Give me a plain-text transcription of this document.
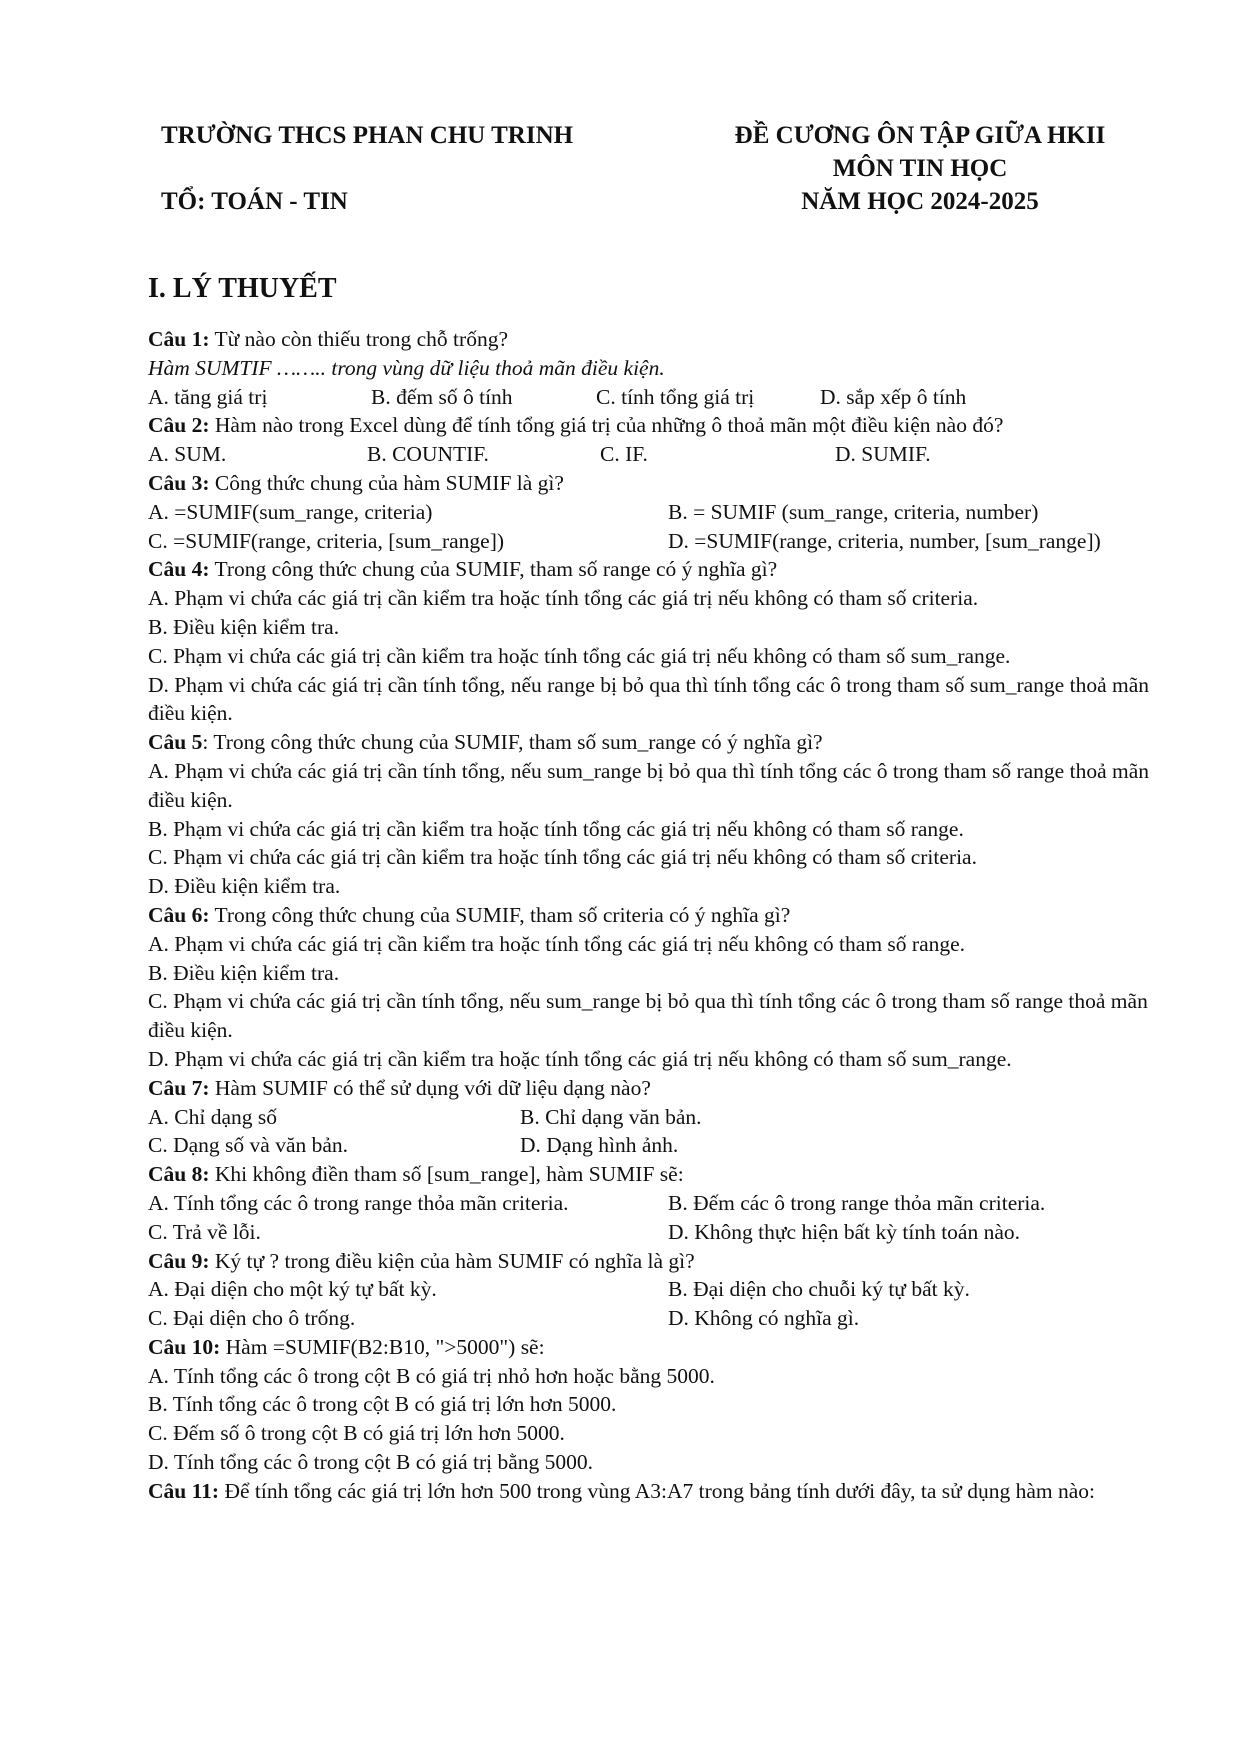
TRƯỜNG THCS PHAN CHU TRINH
TỔ: TOÁN - TIN
ĐỀ CƯƠNG ÔN TẬP GIỮA HKII
MÔN TIN HỌC
NĂM HỌC 2024-2025
I. LÝ THUYẾT
Câu 1: Từ nào còn thiếu trong chỗ trống?
Hàm SUMTIF …….. trong vùng dữ liệu thoả mãn điều kiện.
A. tăng giá trị	B. đếm số ô tính	C. tính tổng giá trị	D. sắp xếp ô tính
Câu 2: Hàm nào trong Excel dùng để tính tổng giá trị của những ô thoả mãn một điều kiện nào đó?
A. SUM.	B. COUNTIF.	C. IF.	D. SUMIF.
Câu 3: Công thức chung của hàm SUMIF là gì?
A. =SUMIF(sum_range, criteria)	B. = SUMIF (sum_range, criteria, number)
C. =SUMIF(range, criteria, [sum_range])	D. =SUMIF(range, criteria, number, [sum_range])
Câu 4: Trong công thức chung của SUMIF, tham số range có ý nghĩa gì?
A. Phạm vi chứa các giá trị cần kiểm tra hoặc tính tổng các giá trị nếu không có tham số criteria.
B. Điều kiện kiểm tra.
C. Phạm vi chứa các giá trị cần kiểm tra hoặc tính tổng các giá trị nếu không có tham số sum_range.
D. Phạm vi chứa các giá trị cần tính tổng, nếu range bị bỏ qua thì tính tổng các ô trong tham số sum_range thoả mãn điều kiện.
Câu 5: Trong công thức chung của SUMIF, tham số sum_range có ý nghĩa gì?
A. Phạm vi chứa các giá trị cần tính tổng, nếu sum_range bị bỏ qua thì tính tổng các ô trong tham số range thoả mãn điều kiện.
B. Phạm vi chứa các giá trị cần kiểm tra hoặc tính tổng các giá trị nếu không có tham số range.
C. Phạm vi chứa các giá trị cần kiểm tra hoặc tính tổng các giá trị nếu không có tham số criteria.
D. Điều kiện kiểm tra.
Câu 6: Trong công thức chung của SUMIF, tham số criteria có ý nghĩa gì?
A. Phạm vi chứa các giá trị cần kiểm tra hoặc tính tổng các giá trị nếu không có tham số range.
B. Điều kiện kiểm tra.
C. Phạm vi chứa các giá trị cần tính tổng, nếu sum_range bị bỏ qua thì tính tổng các ô trong tham số range thoả mãn điều kiện.
D. Phạm vi chứa các giá trị cần kiểm tra hoặc tính tổng các giá trị nếu không có tham số sum_range.
Câu 7: Hàm SUMIF có thể sử dụng với dữ liệu dạng nào?
A. Chỉ dạng số	B. Chỉ dạng văn bản.
C. Dạng số và văn bản.	D. Dạng hình ảnh.
Câu 8: Khi không điền tham số [sum_range], hàm SUMIF sẽ:
A. Tính tổng các ô trong range thỏa mãn criteria.	B. Đếm các ô trong range thỏa mãn criteria.
C. Trả về lỗi.	D. Không thực hiện bất kỳ tính toán nào.
Câu 9: Ký tự ? trong điều kiện của hàm SUMIF có nghĩa là gì?
A. Đại diện cho một ký tự bất kỳ.	B. Đại diện cho chuỗi ký tự bất kỳ.
C. Đại diện cho ô trống.	D. Không có nghĩa gì.
Câu 10: Hàm =SUMIF(B2:B10, ">5000") sẽ:
A. Tính tổng các ô trong cột B có giá trị nhỏ hơn hoặc bằng 5000.
B. Tính tổng các ô trong cột B có giá trị lớn hơn 5000.
C. Đếm số ô trong cột B có giá trị lớn hơn 5000.
D. Tính tổng các ô trong cột B có giá trị bằng 5000.
Câu 11: Để tính tổng các giá trị lớn hơn 500 trong vùng A3:A7 trong bảng tính dưới đây, ta sử dụng hàm nào:
